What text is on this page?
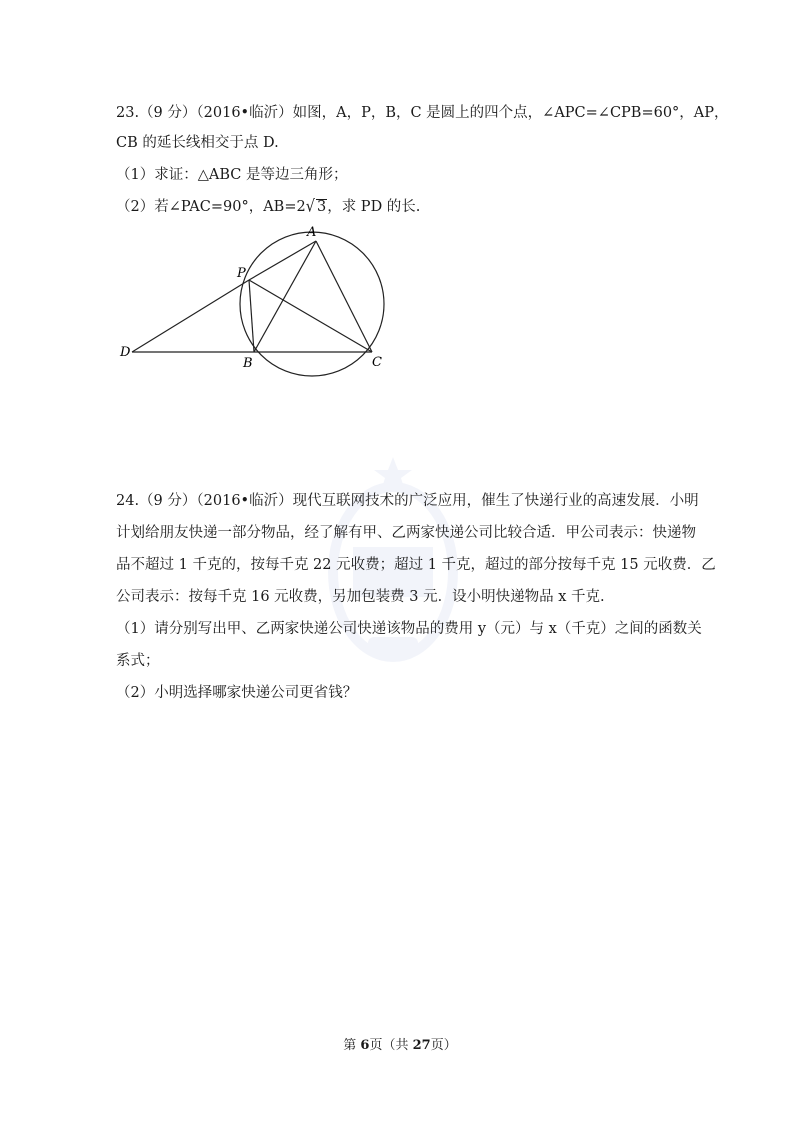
23.（9 分）（2016•临沂）如图，A，P，B，C 是圆上的四个点，∠APC=∠CPB=60°，AP，
CB 的延长线相交于点 D.
（1）求证：△ABC 是等边三角形；
（2）若∠PAC=90°，AB=2√ 3，求 PD 的长.
A
P
D
B	C
24.（9 分）（2016•临沂）现代互联网技术的广泛应用，催生了快递行业的高速发展．小明
计划给朋友快递一部分物品，经了解有甲、乙两家快递公司比较合适．甲公司表示：快递物
品不超过 1 千克的，按每千克 22 元收费；超过 1 千克，超过的部分按每千克 15 元收费．乙
公司表示：按每千克 16 元收费，另加包装费 3 元．设小明快递物品 x 千克.
（1）请分别写出甲、乙两家快递公司快递该物品的费用 y（元）与 x（千克）之间的函数关
系式；
（2）小明选择哪家快递公司更省钱？
第 6页（共 27页）
